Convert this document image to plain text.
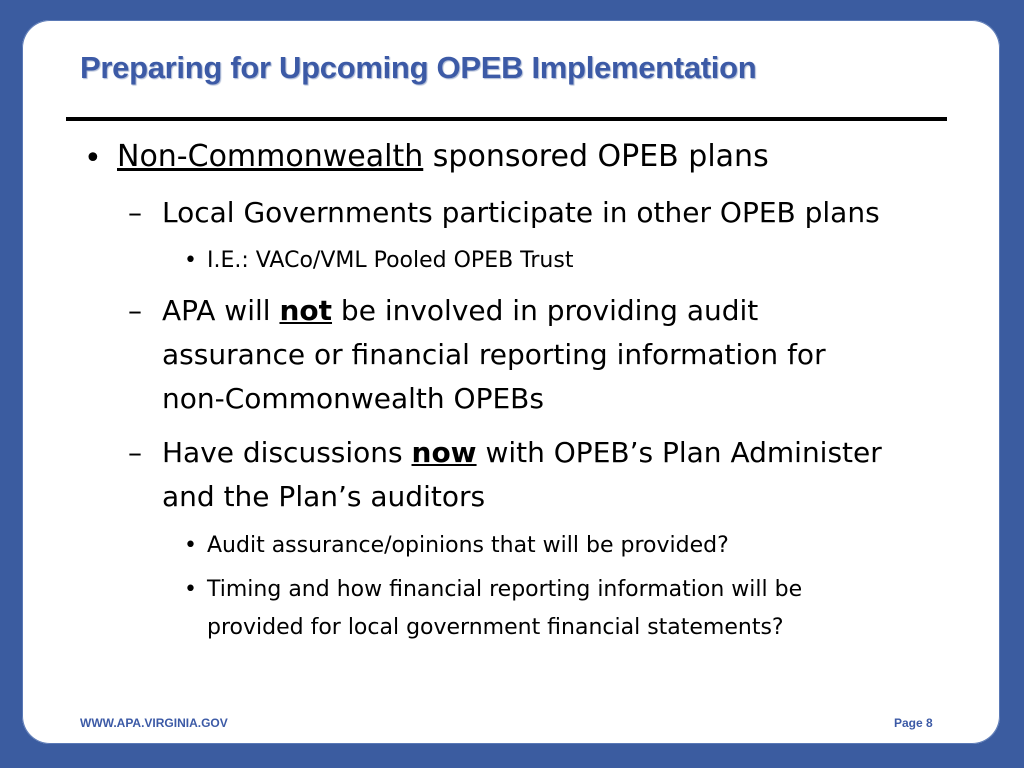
Preparing for Upcoming OPEB Implementation
• Non-Commonwealth sponsored OPEB plans
– Local Governments participate in other OPEB plans
• I.E.: VACo/VML Pooled OPEB Trust
– APA will not be involved in providing audit
assurance or financial reporting information for
non-Commonwealth OPEBs
– Have discussions now with OPEB’s Plan Administer
and the Plan’s auditors
• Audit assurance/opinions that will be provided?
• Timing and how financial reporting information will be
provided for local government financial statements?
WWW.APA.VIRGINIA.GOV	Page 8
